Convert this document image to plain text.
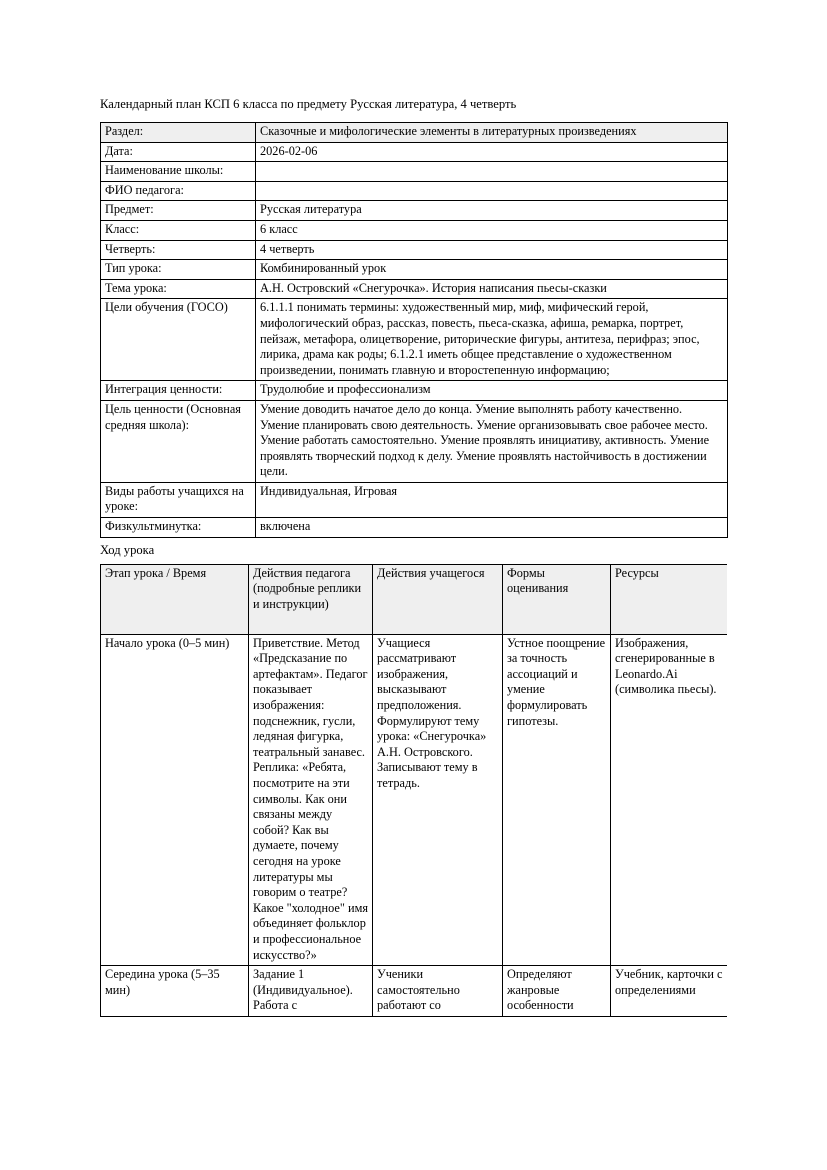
Календарный план КСП 6 класса по предмету Русская литература, 4 четверть

Раздел:	Сказочные и мифологические элементы в литературных произведениях
Дата:	2026-02-06
Наименование школы:	
ФИО педагога:	
Предмет:	Русская литература
Класс:	6 класс
Четверть:	4 четверть
Тип урока:	Комбинированный урок
Тема урока:	А.Н. Островский «Снегурочка». История написания пьесы-сказки
Цели обучения (ГОСО)	6.1.1.1 понимать термины: художественный мир, миф, мифический герой, мифологический образ, рассказ, повесть, пьеса-сказка, афиша, ремарка, портрет, пейзаж, метафора, олицетворение, риторические фигуры, антитеза, перифраз; эпос, лирика, драма как роды; 6.1.2.1 иметь общее представление о художественном произведении, понимать главную и второстепенную информацию;
Интеграция ценности:	Трудолюбие и профессионализм
Цель ценности (Основная средняя школа):	Умение доводить начатое дело до конца. Умение выполнять работу качественно. Умение планировать свою деятельность. Умение организовывать свое рабочее место. Умение работать самостоятельно. Умение проявлять инициативу, активность. Умение проявлять творческий подход к делу. Умение проявлять настойчивость в достижении цели.
Виды работы учащихся на уроке:	Индивидуальная, Игровая
Физкультминутка:	включена

Ход урока

Этап урока / Время	Действия педагога (подробные реплики и инструкции)	Действия учащегося	Формы оценивания	Ресурсы
Начало урока (0–5 мин)	Приветствие. Метод «Предсказание по артефактам». Педагог показывает изображения: подснежник, гусли, ледяная фигурка, театральный занавес. Реплика: «Ребята, посмотрите на эти символы. Как они связаны между собой? Как вы думаете, почему сегодня на уроке литературы мы говорим о театре? Какое "холодное" имя объединяет фольклор и профессиональное искусство?»	Учащиеся рассматривают изображения, высказывают предположения. Формулируют тему урока: «Снегурочка» А.Н. Островского. Записывают тему в тетрадь.	Устное поощрение за точность ассоциаций и умение формулировать гипотезы.	Изображения, сгенерированные в Leonardo.Ai (символика пьесы).
Середина урока (5–35 мин)	Задание 1 (Индивидуальное). Работа с	Ученики самостоятельно работают со	Определяют жанровые особенности	Учебник, карточки с определениями
